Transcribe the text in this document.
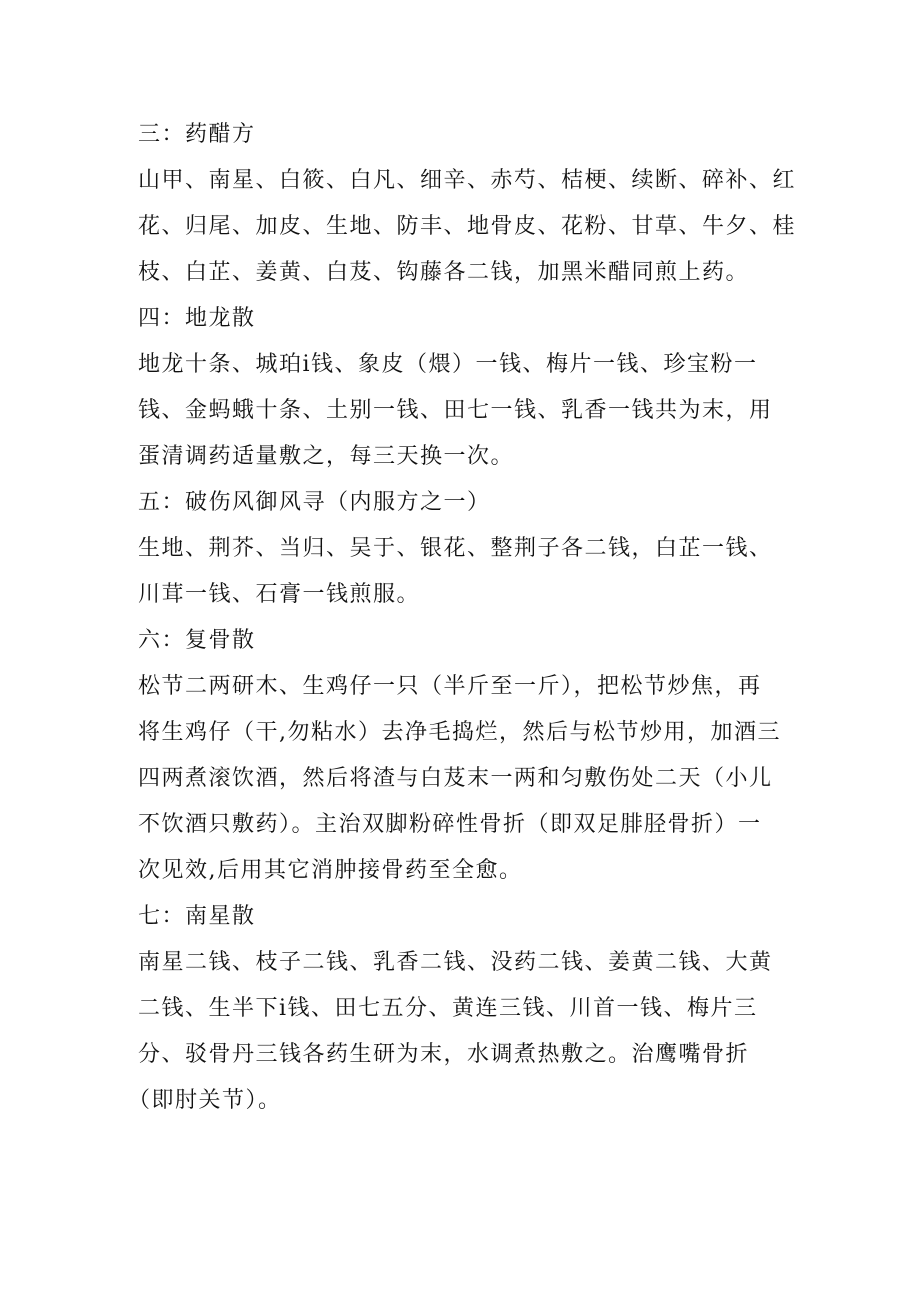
三：药醋方
山甲、南星、白筱、白凡、细辛、赤芍、桔梗、续断、碎补、红
花、归尾、加皮、生地、防丰、地骨皮、花粉、甘草、牛夕、桂
枝、白芷、姜黄、白芨、钩藤各二钱，加黑米醋同煎上药。
四：地龙散
地龙十条、城珀i钱、象皮（煨）一钱、梅片一钱、珍宝粉一
钱、金蚂蛾十条、土别一钱、田七一钱、乳香一钱共为末，用
蛋清调药适量敷之，每三天换一次。
五：破伤风御风寻（内服方之一）
生地、荆芥、当归、吴于、银花、整荆子各二钱，白芷一钱、
川茸一钱、石膏一钱煎服。
六：复骨散
松节二两研木、生鸡仔一只（半斤至一斤），把松节炒焦，再
将生鸡仔（干,勿粘水）去净毛捣烂，然后与松节炒用，加酒三
四两煮滚饮酒，然后将渣与白芨末一两和匀敷伤处二天（小儿
不饮酒只敷药）。主治双脚粉碎性骨折（即双足腓胫骨折）一
次见效,后用其它消肿接骨药至全愈。
七：南星散
南星二钱、枝子二钱、乳香二钱、没药二钱、姜黄二钱、大黄
二钱、生半下i钱、田七五分、黄连三钱、川首一钱、梅片三
分、驳骨丹三钱各药生研为末，水调煮热敷之。治鹰嘴骨折
（即肘关节）。
